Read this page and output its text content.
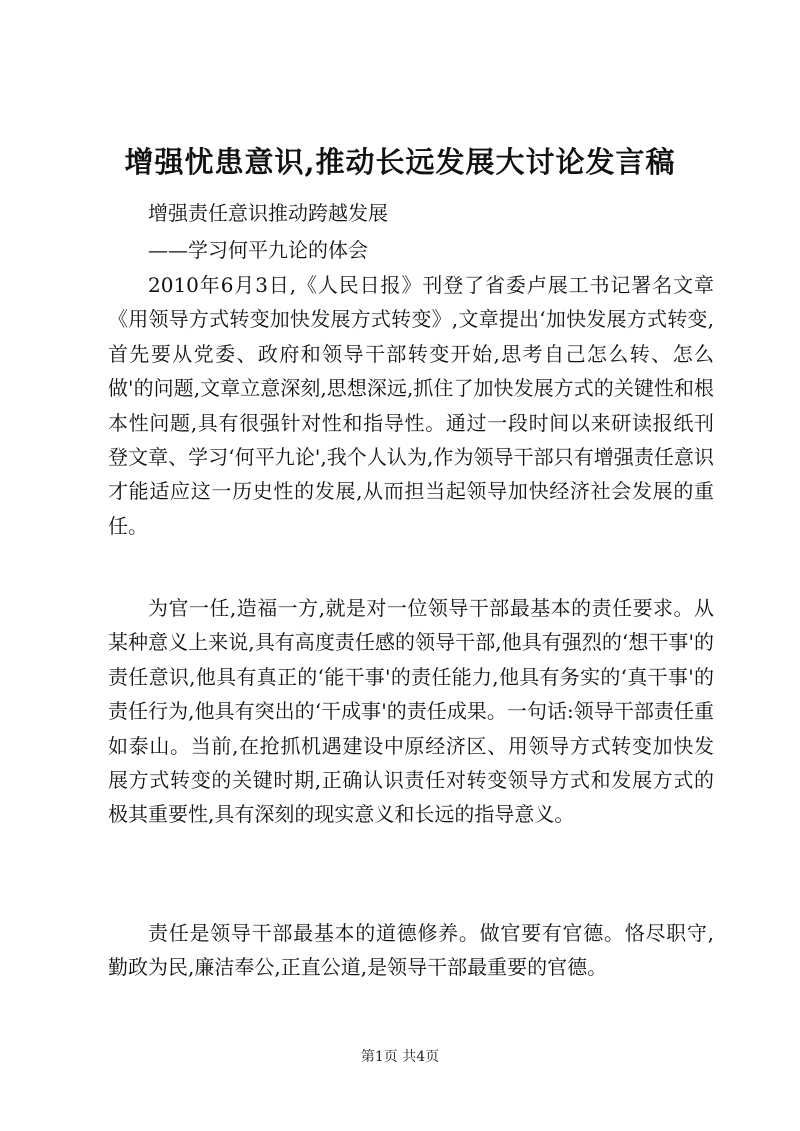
增强忧患意识,推动长远发展大讨论发言稿

增强责任意识推动跨越发展

——学习何平九论的体会

2010年6月3日,《人民日报》刊登了省委卢展工书记署名文章《用领导方式转变加快发展方式转变》,文章提出‘加快发展方式转变,首先要从党委、政府和领导干部转变开始,思考自己怎么转、怎么做'的问题,文章立意深刻,思想深远,抓住了加快发展方式的关键性和根本性问题,具有很强针对性和指导性。通过一段时间以来研读报纸刊登文章、学习‘何平九论',我个人认为,作为领导干部只有增强责任意识才能适应这一历史性的发展,从而担当起领导加快经济社会发展的重任。

为官一任,造福一方,就是对一位领导干部最基本的责任要求。从某种意义上来说,具有高度责任感的领导干部,他具有强烈的‘想干事'的责任意识,他具有真正的‘能干事'的责任能力,他具有务实的‘真干事'的责任行为,他具有突出的‘干成事'的责任成果。一句话:领导干部责任重如泰山。当前,在抢抓机遇建设中原经济区、用领导方式转变加快发展方式转变的关键时期,正确认识责任对转变领导方式和发展方式的极其重要性,具有深刻的现实意义和长远的指导意义。

责任是领导干部最基本的道德修养。做官要有官德。恪尽职守,勤政为民,廉洁奉公,正直公道,是领导干部最重要的官德。

第1页 共4页
